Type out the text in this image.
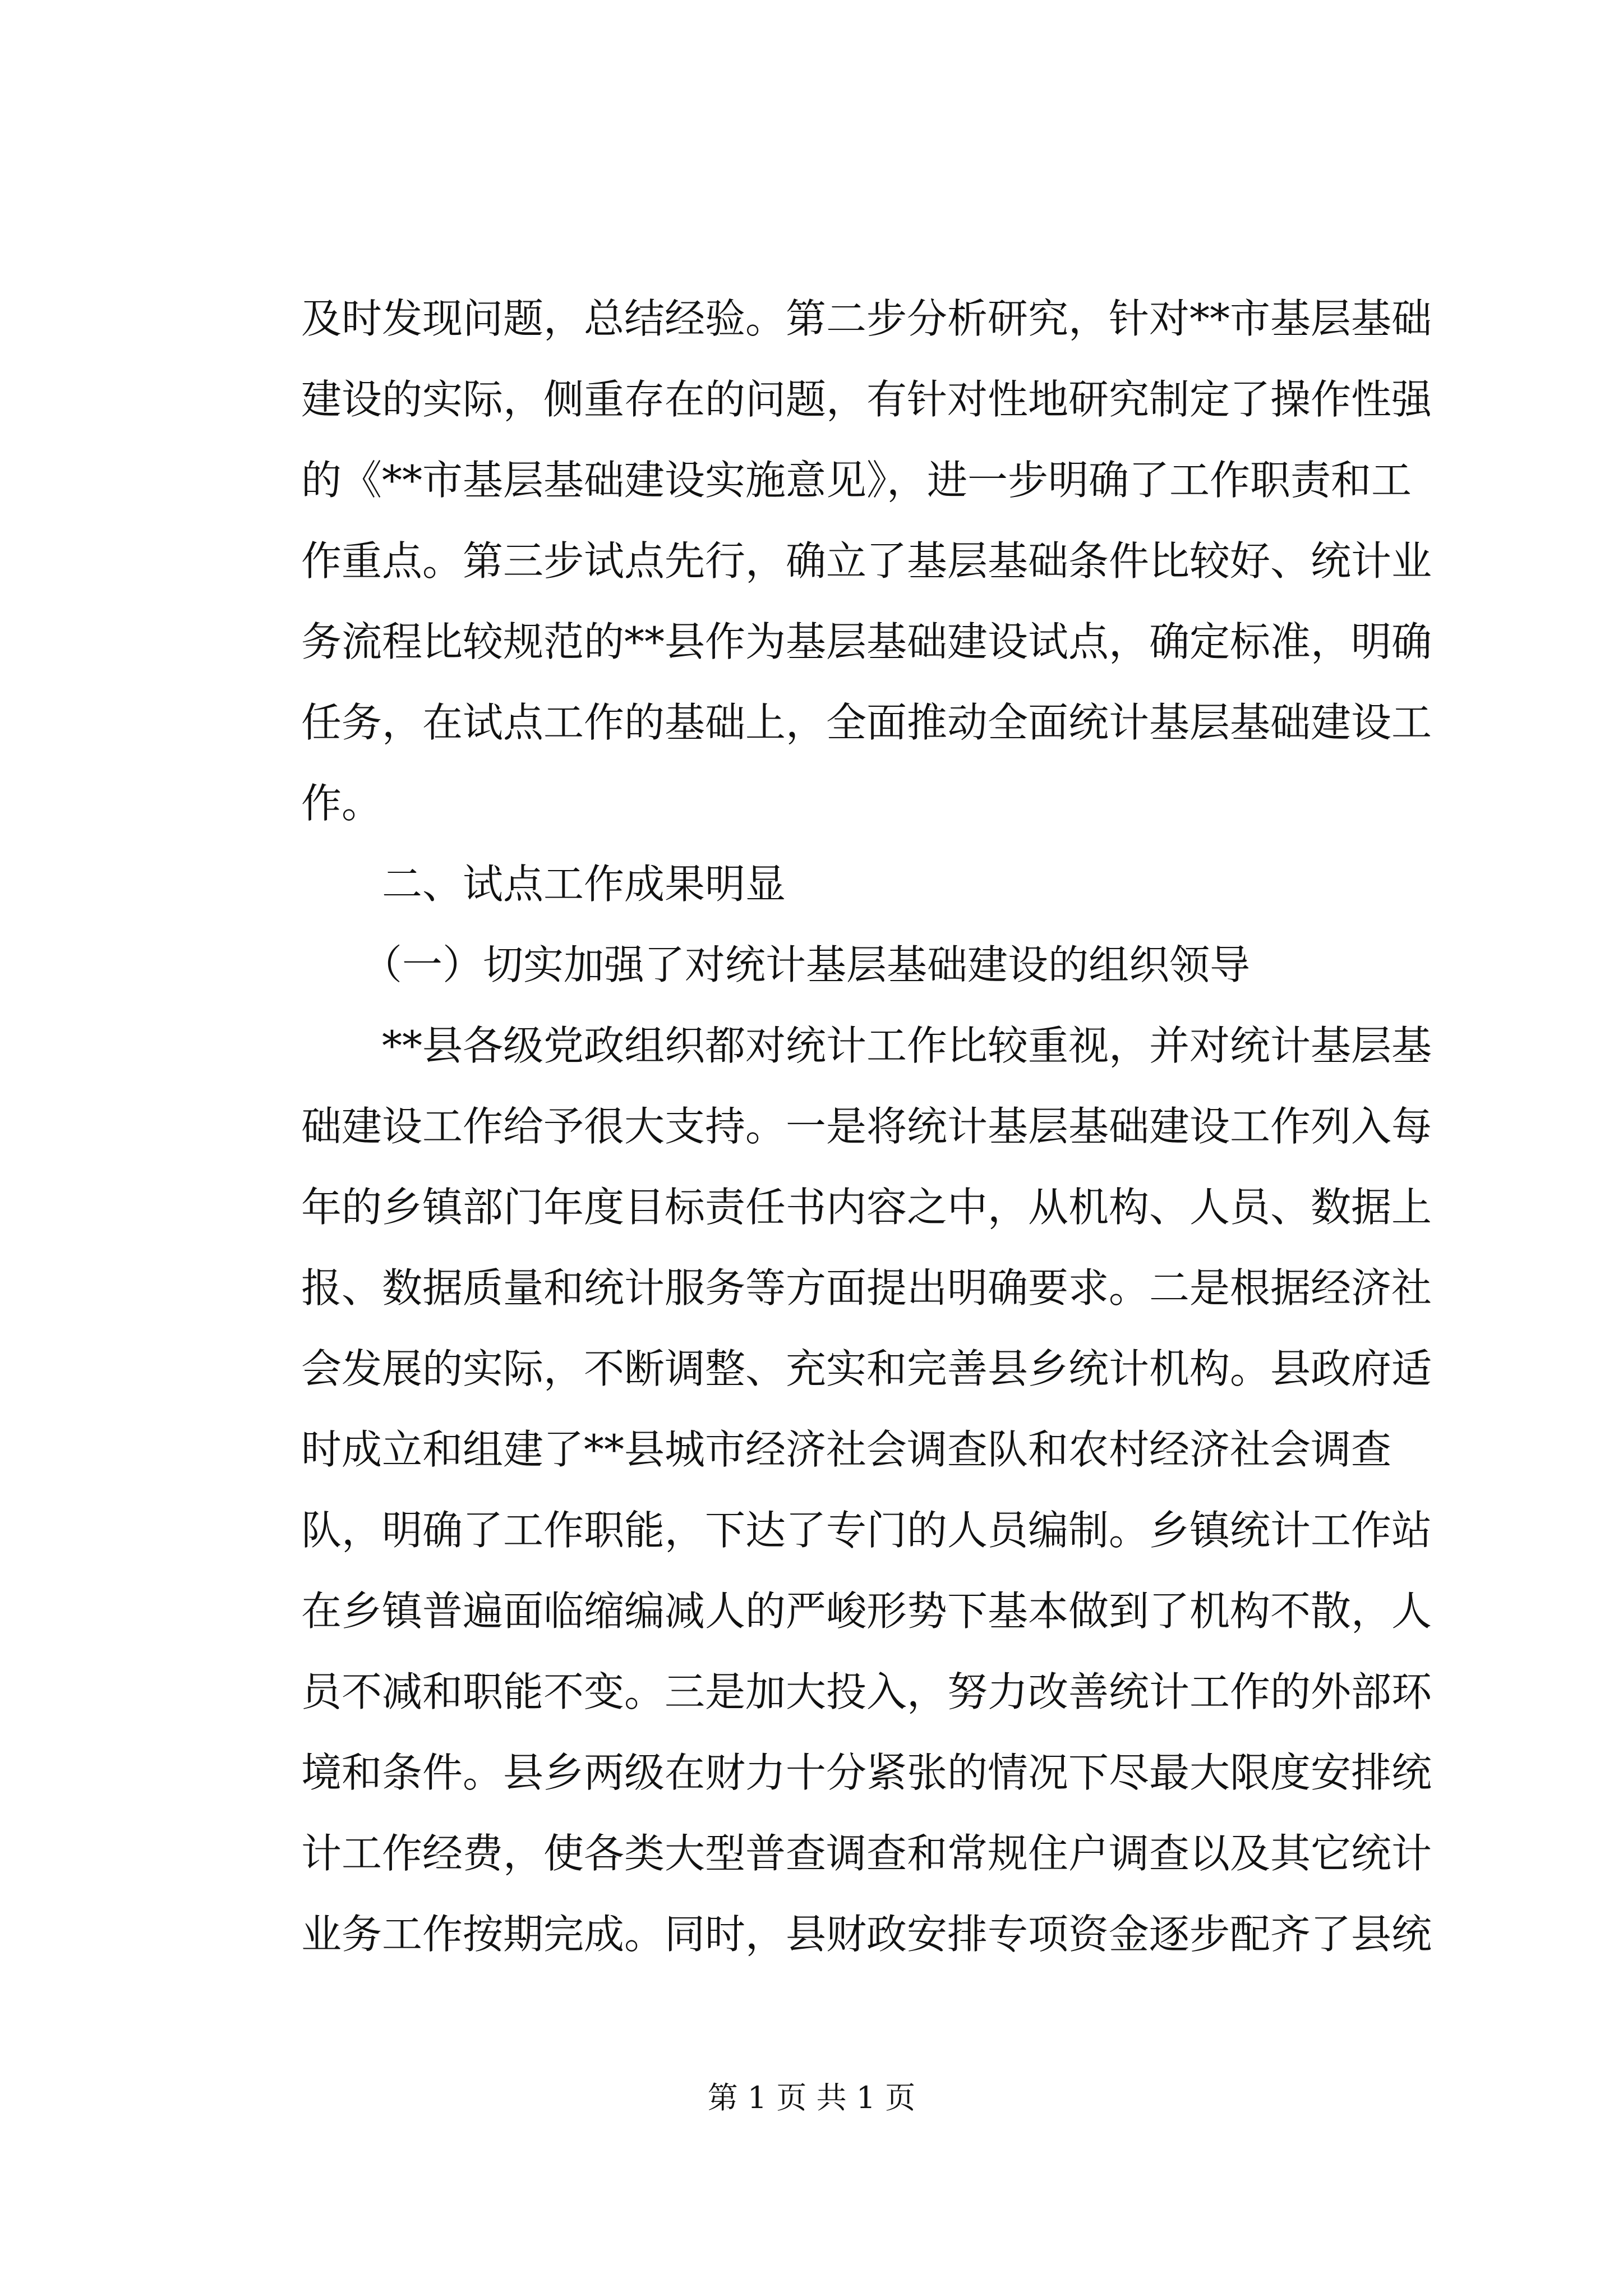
及时发现问题，总结经验。第二步分析研究，针对**市基层基础
建设的实际，侧重存在的问题，有针对性地研究制定了操作性强
的《**市基层基础建设实施意见》，进一步明确了工作职责和工
作重点。第三步试点先行，确立了基层基础条件比较好、统计业
务流程比较规范的**县作为基层基础建设试点，确定标准，明确
任务，在试点工作的基础上，全面推动全面统计基层基础建设工
作。
二、试点工作成果明显
（一）切实加强了对统计基层基础建设的组织领导
**县各级党政组织都对统计工作比较重视，并对统计基层基
础建设工作给予很大支持。一是将统计基层基础建设工作列入每
年的乡镇部门年度目标责任书内容之中，从机构、人员、数据上
报、数据质量和统计服务等方面提出明确要求。二是根据经济社
会发展的实际，不断调整、充实和完善县乡统计机构。县政府适
时成立和组建了**县城市经济社会调查队和农村经济社会调查
队，明确了工作职能，下达了专门的人员编制。乡镇统计工作站
在乡镇普遍面临缩编减人的严峻形势下基本做到了机构不散，人
员不减和职能不变。三是加大投入，努力改善统计工作的外部环
境和条件。县乡两级在财力十分紧张的情况下尽最大限度安排统
计工作经费，使各类大型普查调查和常规住户调查以及其它统计
业务工作按期完成。同时，县财政安排专项资金逐步配齐了县统
第 1 页 共 1 页
